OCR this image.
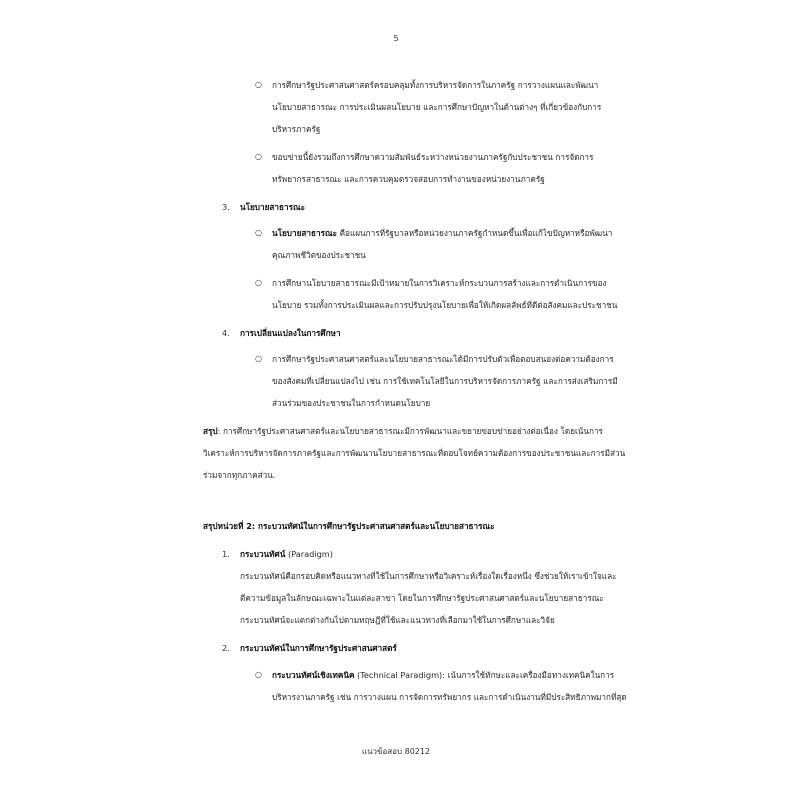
5
○ การศึกษารัฐประศาสนศาสตร์ครอบคลุมทั้งการบริหารจัดการในภาครัฐ การวางแผนและพัฒนา
นโยบายสาธารณะ การประเมินผลนโยบาย และการศึกษาปัญหาในด้านต่างๆ ที่เกี่ยวข้องกับการ
บริหารภาครัฐ
○ ขอบข่ายนี้ยังรวมถึงการศึกษาความสัมพันธ์ระหว่างหน่วยงานภาครัฐกับประชาชน การจัดการ
ทรัพยากรสาธารณะ และการควบคุมตรวจสอบการทำงานของหน่วยงานภาครัฐ
3. นโยบายสาธารณะ
○ นโยบายสาธารณะ คือแผนการที่รัฐบาลหรือหน่วยงานภาครัฐกำหนดขึ้นเพื่อแก้ไขปัญหาหรือพัฒนา
คุณภาพชีวิตของประชาชน
○ การศึกษานโยบายสาธารณะมีเป้าหมายในการวิเคราะห์กระบวนการสร้างและการดำเนินการของ
นโยบาย รวมทั้งการประเมินผลและการปรับปรุงนโยบายเพื่อให้เกิดผลลัพธ์ที่ดีต่อสังคมและประชาชน
4. การเปลี่ยนแปลงในการศึกษา
○ การศึกษารัฐประศาสนศาสตร์และนโยบายสาธารณะได้มีการปรับตัวเพื่อตอบสนองต่อความต้องการ
ของสังคมที่เปลี่ยนแปลงไป เช่น การใช้เทคโนโลยีในการบริหารจัดการภาครัฐ และการส่งเสริมการมี
ส่วนร่วมของประชาชนในการกำหนดนโยบาย
สรุป: การศึกษารัฐประศาสนศาสตร์และนโยบายสาธารณะมีการพัฒนาและขยายขอบข่ายอย่างต่อเนื่อง โดยเน้นการ
วิเคราะห์การบริหารจัดการภาครัฐและการพัฒนานโยบายสาธารณะที่ตอบโจทย์ความต้องการของประชาชนและการมีส่วน
ร่วมจากทุกภาคส่วน.
สรุปหน่วยที่ 2: กระบวนทัศน์ในการศึกษารัฐประศาสนศาสตร์และนโยบายสาธารณะ
1. กระบวนทัศน์ (Paradigm)
กระบวนทัศน์คือกรอบคิดหรือแนวทางที่ใช้ในการศึกษาหรือวิเคราะห์เรื่องใดเรื่องหนึ่ง ซึ่งช่วยให้เราเข้าใจและ
ตีความข้อมูลในลักษณะเฉพาะในแต่ละสาขา โดยในการศึกษารัฐประศาสนศาสตร์และนโยบายสาธารณะ
กระบวนทัศน์จะแตกต่างกันไปตามทฤษฎีที่ใช้และแนวทางที่เลือกมาใช้ในการศึกษาและวิจัย
2. กระบวนทัศน์ในการศึกษารัฐประศาสนศาสตร์
○ กระบวนทัศน์เชิงเทคนิค (Technical Paradigm): เน้นการใช้ทักษะและเครื่องมือทางเทคนิคในการ
บริหารงานภาครัฐ เช่น การวางแผน การจัดการทรัพยากร และการดำเนินงานที่มีประสิทธิภาพมากที่สุด
แนวข้อสอบ 80212
